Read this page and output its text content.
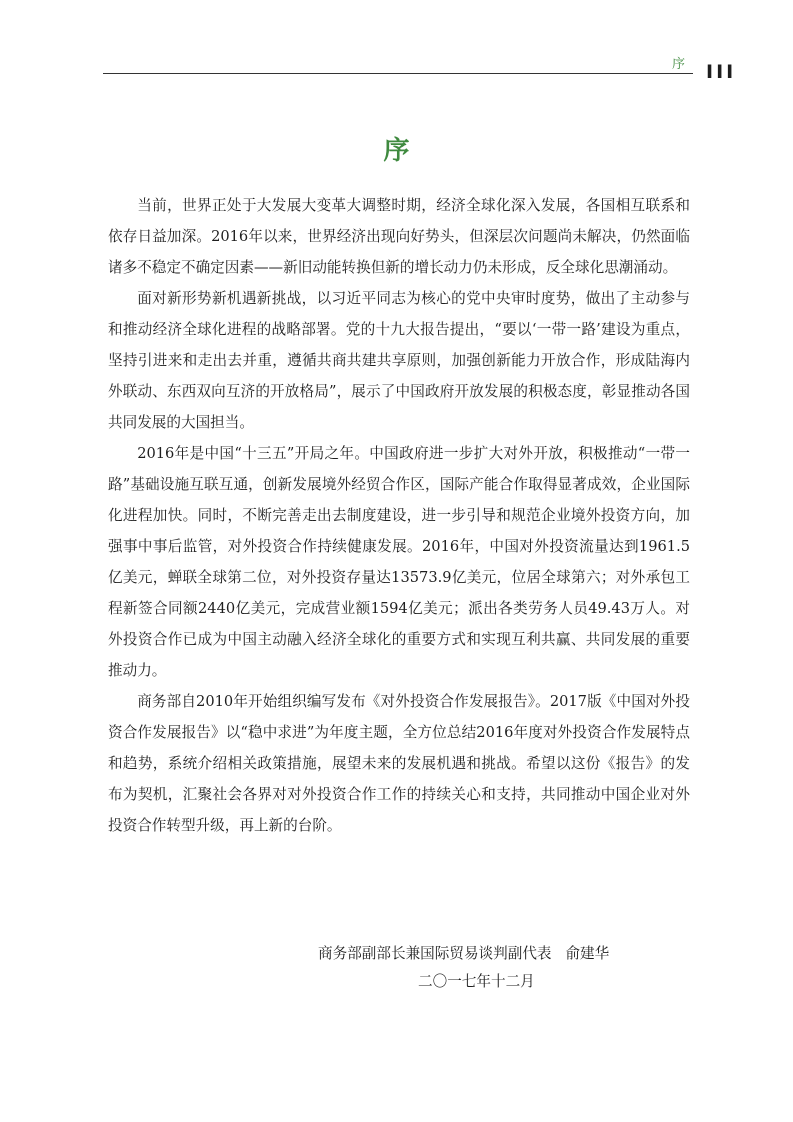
序 III
序

当前，世界正处于大发展大变革大调整时期，经济全球化深入发展，各国相互联系和依存日益加深。2016年以来，世界经济出现向好势头，但深层次问题尚未解决，仍然面临诸多不稳定不确定因素——新旧动能转换但新的增长动力仍未形成，反全球化思潮涌动。

面对新形势新机遇新挑战，以习近平同志为核心的党中央审时度势，做出了主动参与和推动经济全球化进程的战略部署。党的十九大报告提出，“要以‘一带一路’建设为重点，坚持引进来和走出去并重，遵循共商共建共享原则，加强创新能力开放合作，形成陆海内外联动、东西双向互济的开放格局”，展示了中国政府开放发展的积极态度，彰显推动各国共同发展的大国担当。

2016年是中国“十三五”开局之年。中国政府进一步扩大对外开放，积极推动“一带一路”基础设施互联互通，创新发展境外经贸合作区，国际产能合作取得显著成效，企业国际化进程加快。同时，不断完善走出去制度建设，进一步引导和规范企业境外投资方向，加强事中事后监管，对外投资合作持续健康发展。2016年，中国对外投资流量达到1961.5亿美元，蝉联全球第二位，对外投资存量达13573.9亿美元，位居全球第六；对外承包工程新签合同额2440亿美元，完成营业额1594亿美元；派出各类劳务人员49.43万人。对外投资合作已成为中国主动融入经济全球化的重要方式和实现互利共赢、共同发展的重要推动力。

商务部自2010年开始组织编写发布《对外投资合作发展报告》。2017版《中国对外投资合作发展报告》以“稳中求进”为年度主题，全方位总结2016年度对外投资合作发展特点和趋势，系统介绍相关政策措施，展望未来的发展机遇和挑战。希望以这份《报告》的发布为契机，汇聚社会各界对对外投资合作工作的持续关心和支持，共同推动中国企业对外投资合作转型升级，再上新的台阶。

商务部副部长兼国际贸易谈判副代表 俞建华
二〇一七年十二月
